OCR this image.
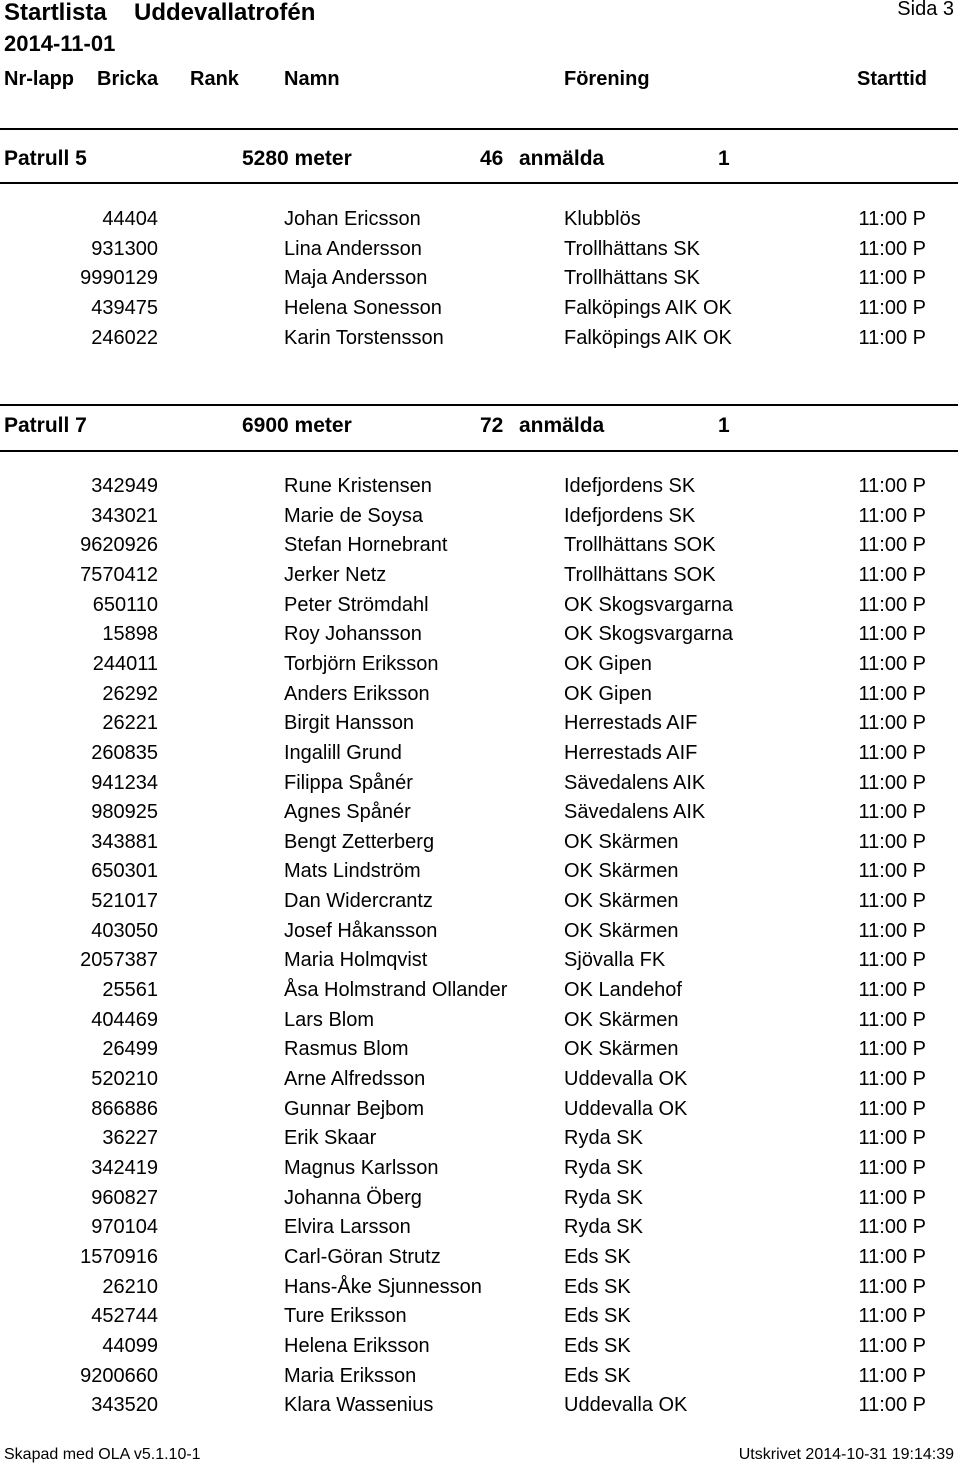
Startlista Uddevallatrofén	Sida 3
2014-11-01
Nr-lapp Bricka Rank Namn	Förening	Starttid
Patrull 5	5280 meter	46 anmälda	1
44404	Johan Ericsson	Klubblös	11:00 P
931300	Lina Andersson	Trollhättans SK	11:00 P
9990129	Maja Andersson	Trollhättans SK	11:00 P
439475	Helena Sonesson	Falköpings AIK OK	11:00 P
246022	Karin Torstensson	Falköpings AIK OK	11:00 P
Patrull 7	6900 meter	72 anmälda	1
342949	Rune Kristensen	Idefjordens SK	11:00 P
343021	Marie de Soysa	Idefjordens SK	11:00 P
9620926	Stefan Hornebrant	Trollhättans SOK	11:00 P
7570412	Jerker Netz	Trollhättans SOK	11:00 P
650110	Peter Strömdahl	OK Skogsvargarna	11:00 P
15898	Roy Johansson	OK Skogsvargarna	11:00 P
244011	Torbjörn Eriksson	OK Gipen	11:00 P
26292	Anders Eriksson	OK Gipen	11:00 P
26221	Birgit Hansson	Herrestads AIF	11:00 P
260835	Ingalill Grund	Herrestads AIF	11:00 P
941234	Filippa Spånér	Sävedalens AIK	11:00 P
980925	Agnes Spånér	Sävedalens AIK	11:00 P
343881	Bengt Zetterberg	OK Skärmen	11:00 P
650301	Mats Lindström	OK Skärmen	11:00 P
521017	Dan Widercrantz	OK Skärmen	11:00 P
403050	Josef Håkansson	OK Skärmen	11:00 P
2057387	Maria Holmqvist	Sjövalla FK	11:00 P
25561	Åsa Holmstrand Ollander	OK Landehof	11:00 P
404469	Lars Blom	OK Skärmen	11:00 P
26499	Rasmus Blom	OK Skärmen	11:00 P
520210	Arne Alfredsson	Uddevalla OK	11:00 P
866886	Gunnar Bejbom	Uddevalla OK	11:00 P
36227	Erik Skaar	Ryda SK	11:00 P
342419	Magnus Karlsson	Ryda SK	11:00 P
960827	Johanna Öberg	Ryda SK	11:00 P
970104	Elvira Larsson	Ryda SK	11:00 P
1570916	Carl-Göran Strutz	Eds SK	11:00 P
26210	Hans-Åke Sjunnesson	Eds SK	11:00 P
452744	Ture Eriksson	Eds SK	11:00 P
44099	Helena Eriksson	Eds SK	11:00 P
9200660	Maria Eriksson	Eds SK	11:00 P
343520	Klara Wassenius	Uddevalla OK	11:00 P
Skapad med OLA v5.1.10-1	Utskrivet 2014-10-31 19:14:39
